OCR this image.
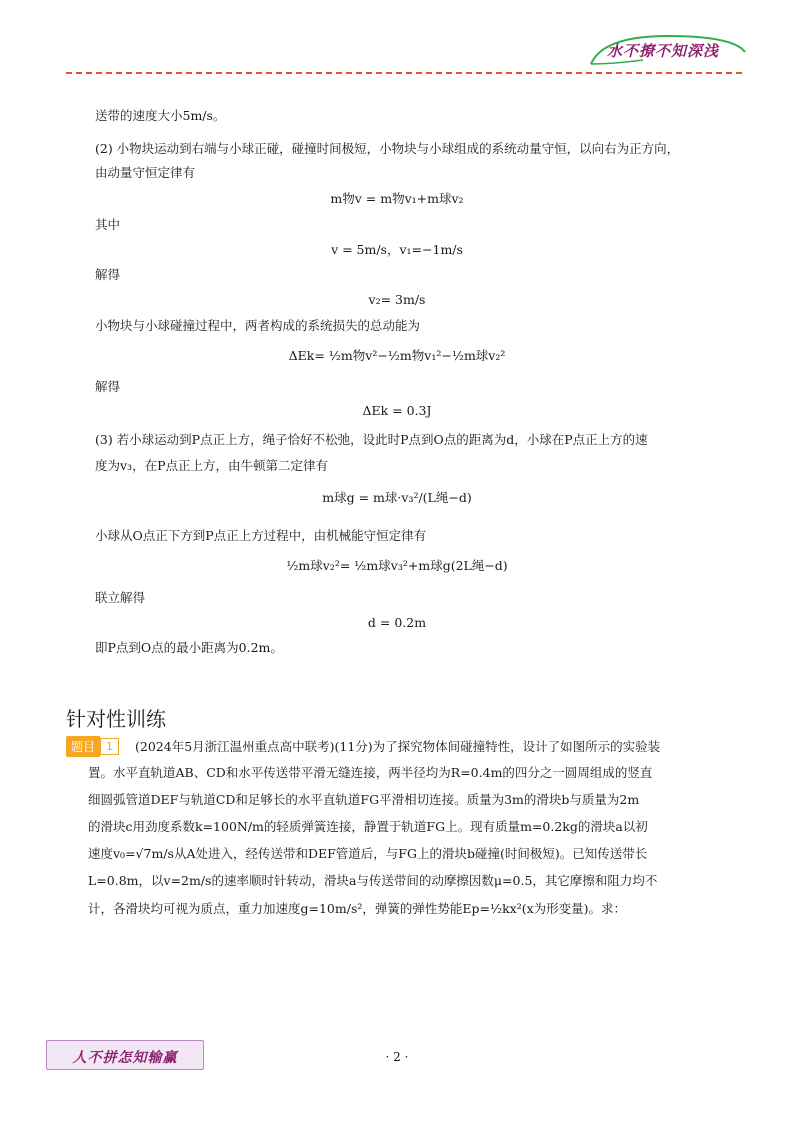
水不撩不知深浅
送带的速度大小5m/s。
(2) 小物块运动到右端与小球正碰，碰撞时间极短，小物块与小球组成的系统动量守恒，以向右为正方向，
由动量守恒定律有
m物v = m物v₁+m球v₂
其中
v = 5m/s，v₁=−1m/s
解得
v₂= 3m/s
小物块与小球碰撞过程中，两者构成的系统损失的总动能为
ΔEk= ½m物v²−½m物v₁²−½m球v₂²
解得
ΔEk = 0.3J
(3) 若小球运动到P点正上方，绳子恰好不松弛，设此时P点到O点的距离为d，小球在P点正上方的速
度为v₃，在P点正上方，由牛顿第二定律有
m球g = m球·v₃²/(L绳−d)
小球从O点正下方到P点正上方过程中，由机械能守恒定律有
½m球v₂²= ½m球v₃²+m球g(2L绳−d)
联立解得
d = 0.2m
即P点到O点的最小距离为0.2m。
针对性训练
题目	1	(2024年5月浙江温州重点高中联考)(11分)为了探究物体间碰撞特性，设计了如图所示的实验装
置。水平直轨道AB、CD和水平传送带平滑无缝连接，两半径均为R=0.4m的四分之一圆周组成的竖直
细圆弧管道DEF与轨道CD和足够长的水平直轨道FG平滑相切连接。质量为3m的滑块b与质量为2m
的滑块c用劲度系数k=100N/m的轻质弹簧连接，静置于轨道FG上。现有质量m=0.2kg的滑块a以初
速度v₀=√7m/s从A处进入，经传送带和DEF管道后，与FG上的滑块b碰撞(时间极短)。已知传送带长
L=0.8m，以v=2m/s的速率顺时针转动，滑块a与传送带间的动摩擦因数μ=0.5，其它摩擦和阻力均不
计，各滑块均可视为质点，重力加速度g=10m/s²，弹簧的弹性势能Ep=½kx²(x为形变量)。求：
人不拼怎知输赢	· 2 ·
